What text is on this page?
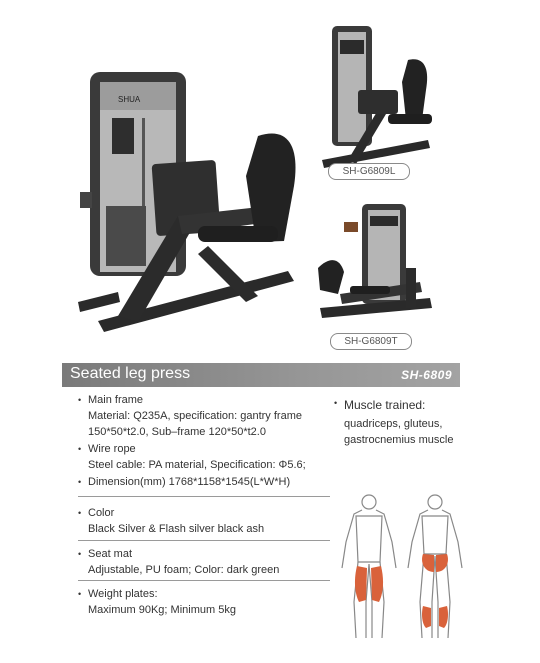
SHUA
SH-G6809L
SH-G6809T
Seated leg press	SH-6809
• Main frame
Material: Q235A, specification: gantry frame
150*50*t2.0, Sub–frame 120*50*t2.0
• Wire rope
Steel cable: PA material, Specification: Φ5.6;
• Dimension(mm) 1768*1158*1545(L*W*H)
• Color
Black Silver & Flash silver black ash
• Seat mat
Adjustable, PU foam; Color: dark green
• Weight plates:
Maximum 90Kg; Minimum 5kg
• Muscle trained:
quadriceps, gluteus,
gastrocnemius muscle
